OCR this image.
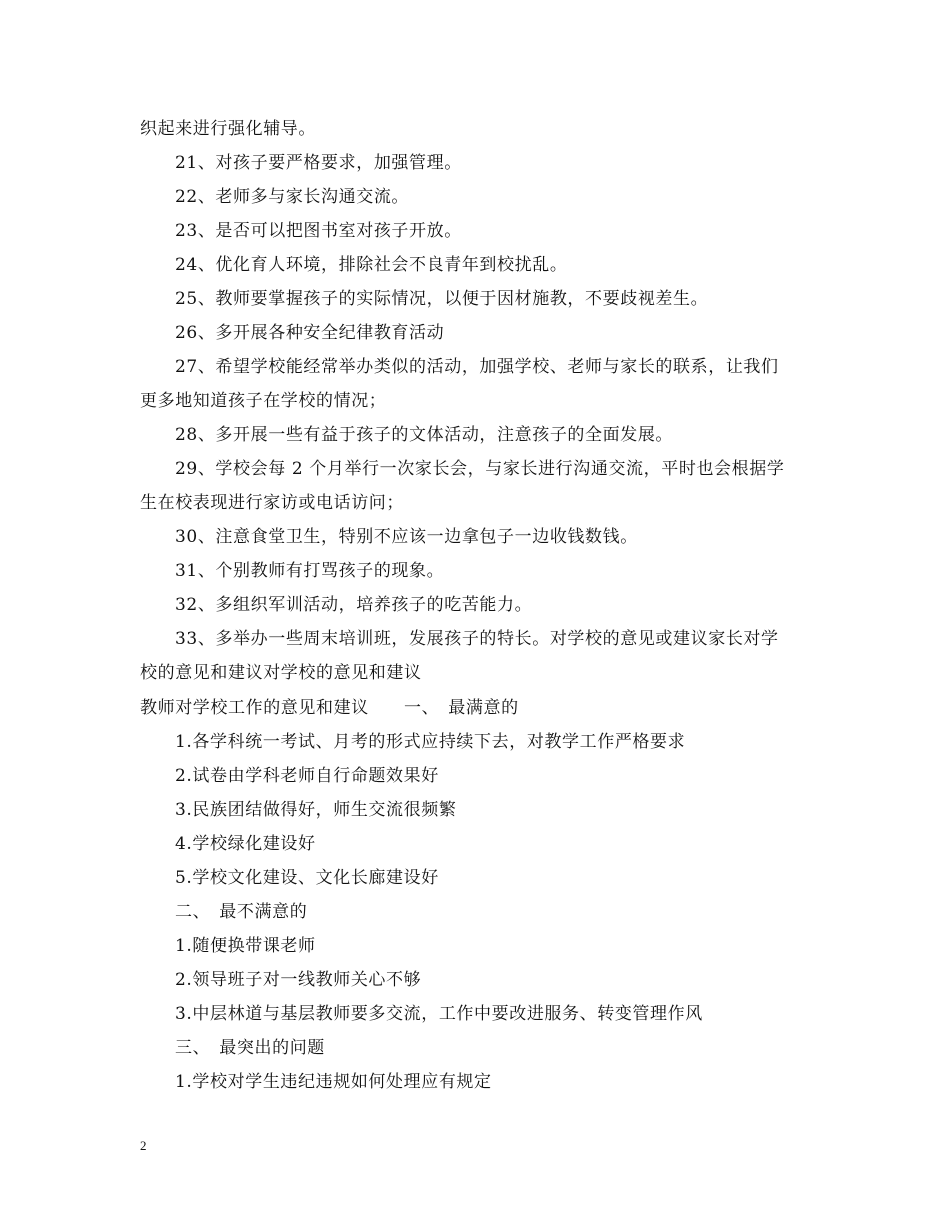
织起来进行强化辅导。
21、对孩子要严格要求，加强管理。
22、老师多与家长沟通交流。
23、是否可以把图书室对孩子开放。
24、优化育人环境，排除社会不良青年到校扰乱。
25、教师要掌握孩子的实际情况，以便于因材施教，不要歧视差生。
26、多开展各种安全纪律教育活动
27、希望学校能经常举办类似的活动，加强学校、老师与家长的联系，让我们
更多地知道孩子在学校的情况；
28、多开展一些有益于孩子的文体活动，注意孩子的全面发展。
29、学校会每 2 个月举行一次家长会，与家长进行沟通交流，平时也会根据学
生在校表现进行家访或电话访问；
30、注意食堂卫生，特别不应该一边拿包子一边收钱数钱。
31、个别教师有打骂孩子的现象。
32、多组织军训活动，培养孩子的吃苦能力。
33、多举办一些周末培训班，发展孩子的特长。对学校的意见或建议家长对学
校的意见和建议对学校的意见和建议
教师对学校工作的意见和建议　　一、　最满意的
1.各学科统一考试、月考的形式应持续下去，对教学工作严格要求
2.试卷由学科老师自行命题效果好
3.民族团结做得好，师生交流很频繁
4.学校绿化建设好
5.学校文化建设、文化长廊建设好
二、　最不满意的
1.随便换带课老师
2.领导班子对一线教师关心不够
3.中层林道与基层教师要多交流，工作中要改进服务、转变管理作风
三、　最突出的问题
1.学校对学生违纪违规如何处理应有规定
2
